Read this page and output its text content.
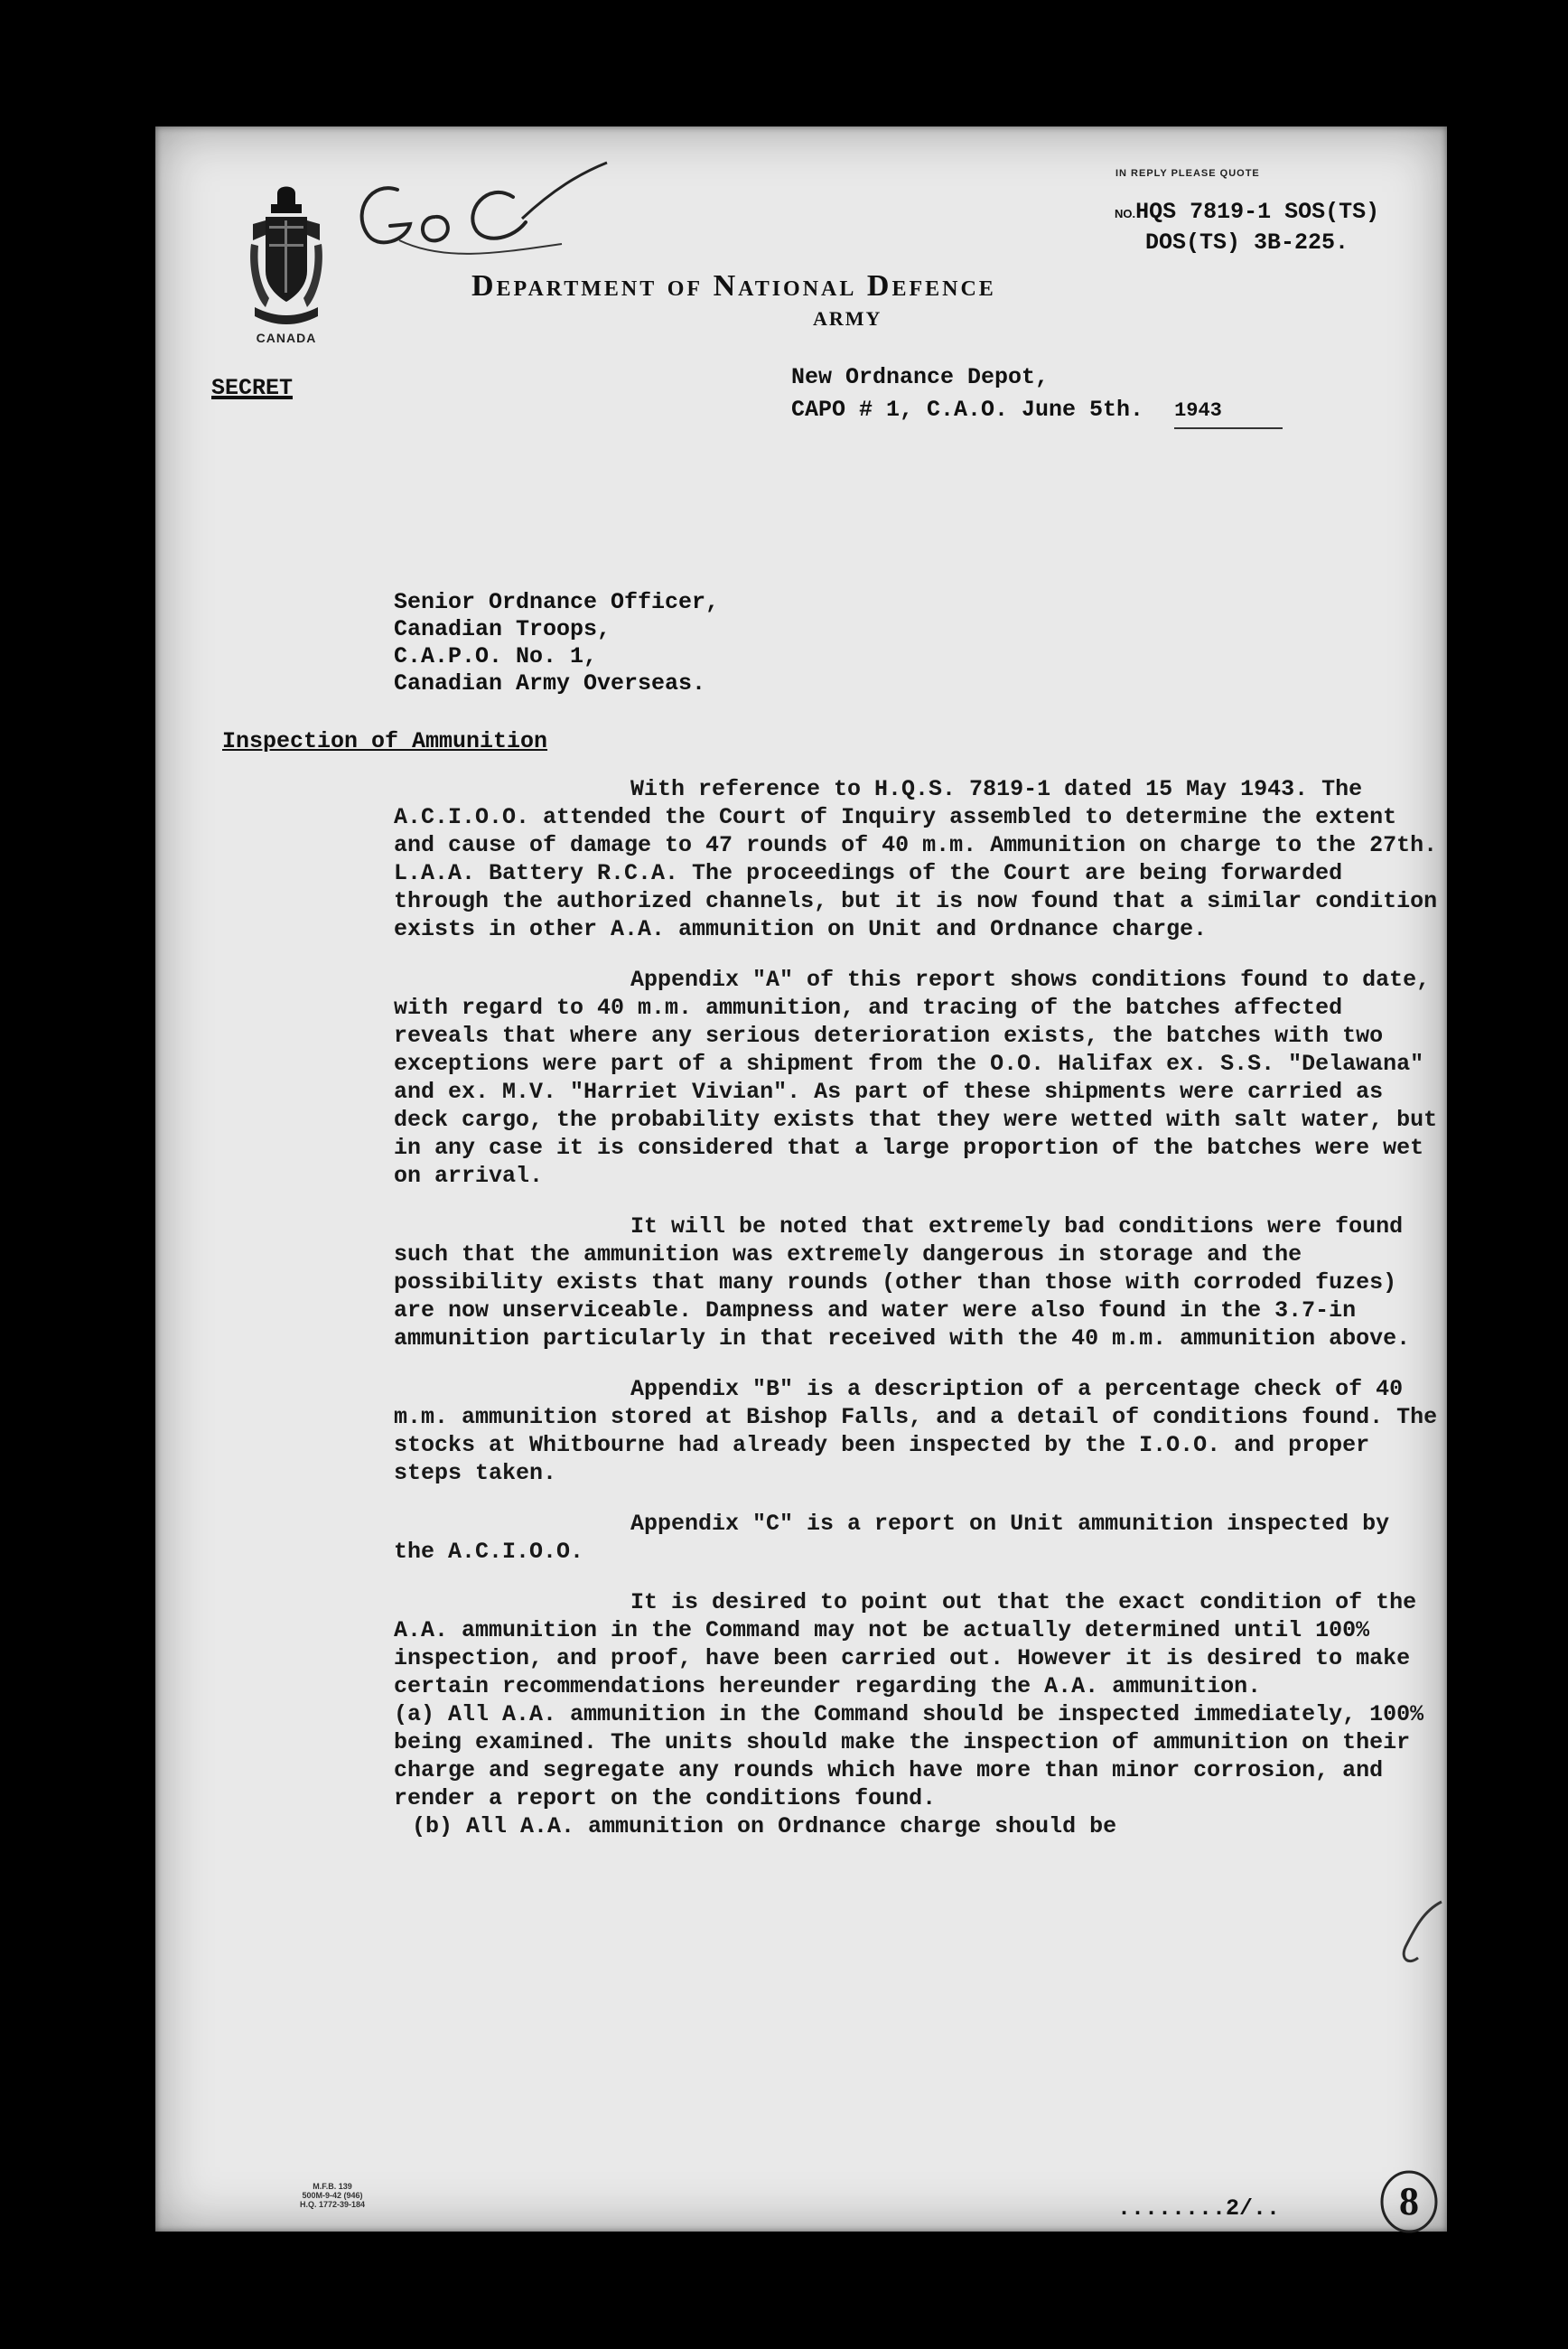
CANADA
Department of National Defence
ARMY
IN REPLY PLEASE QUOTE
NO.HQS 7819-1 SOS(TS)
DOS(TS) 3B-225.
SECRET	New Ordnance Depot,
CAPO # 1, C.A.O. June 5th. 1943
Senior Ordnance Officer,
Canadian Troops,
C.A.P.O. No. 1,
Canadian Army Overseas.
Inspection of Ammunition

With reference to H.Q.S. 7819-1 dated 15 May 1943. The A.C.I.O.O. attended the Court of Inquiry assembled to determine the extent and cause of damage to 47 rounds of 40 m.m. Ammunition on charge to the 27th. L.A.A. Battery R.C.A. The proceedings of the Court are being forwarded through the authorized channels, but it is now found that a similar condition exists in other A.A. ammunition on Unit and Ordnance charge.

Appendix "A" of this report shows conditions found to date, with regard to 40 m.m. ammunition, and tracing of the batches affected reveals that where any serious deterioration exists, the batches with two exceptions were part of a shipment from the O.O. Halifax ex. S.S. "Delawana" and ex. M.V. "Harriet Vivian". As part of these shipments were carried as deck cargo, the probability exists that they were wetted with salt water, but in any case it is considered that a large proportion of the batches were wet on arrival.

It will be noted that extremely bad conditions were found such that the ammunition was extremely dangerous in storage and the possibility exists that many rounds (other than those with corroded fuzes) are now unserviceable. Dampness and water were also found in the 3.7-in ammunition particularly in that received with the 40 m.m. ammunition above.

Appendix "B" is a description of a percentage check of 40 m.m. ammunition stored at Bishop Falls, and a detail of conditions found. The stocks at Whitbourne had already been inspected by the I.O.O. and proper steps taken.

Appendix "C" is a report on Unit ammunition inspected by the A.C.I.O.O.

It is desired to point out that the exact condition of the A.A. ammunition in the Command may not be actually determined until 100% inspection, and proof, have been carried out. However it is desired to make certain recommendations hereunder regarding the A.A. ammunition.

(a) All A.A. ammunition in the Command should be inspected immediately, 100% being examined. The units should make the inspection of ammunition on their charge and segregate any rounds which have more than minor corrosion, and render a report on the conditions found.

(b) All A.A. ammunition on Ordnance charge should be

M.F.B. 139
500M-9-42 (946)
H.Q. 1772-39-184	........2/..	8
